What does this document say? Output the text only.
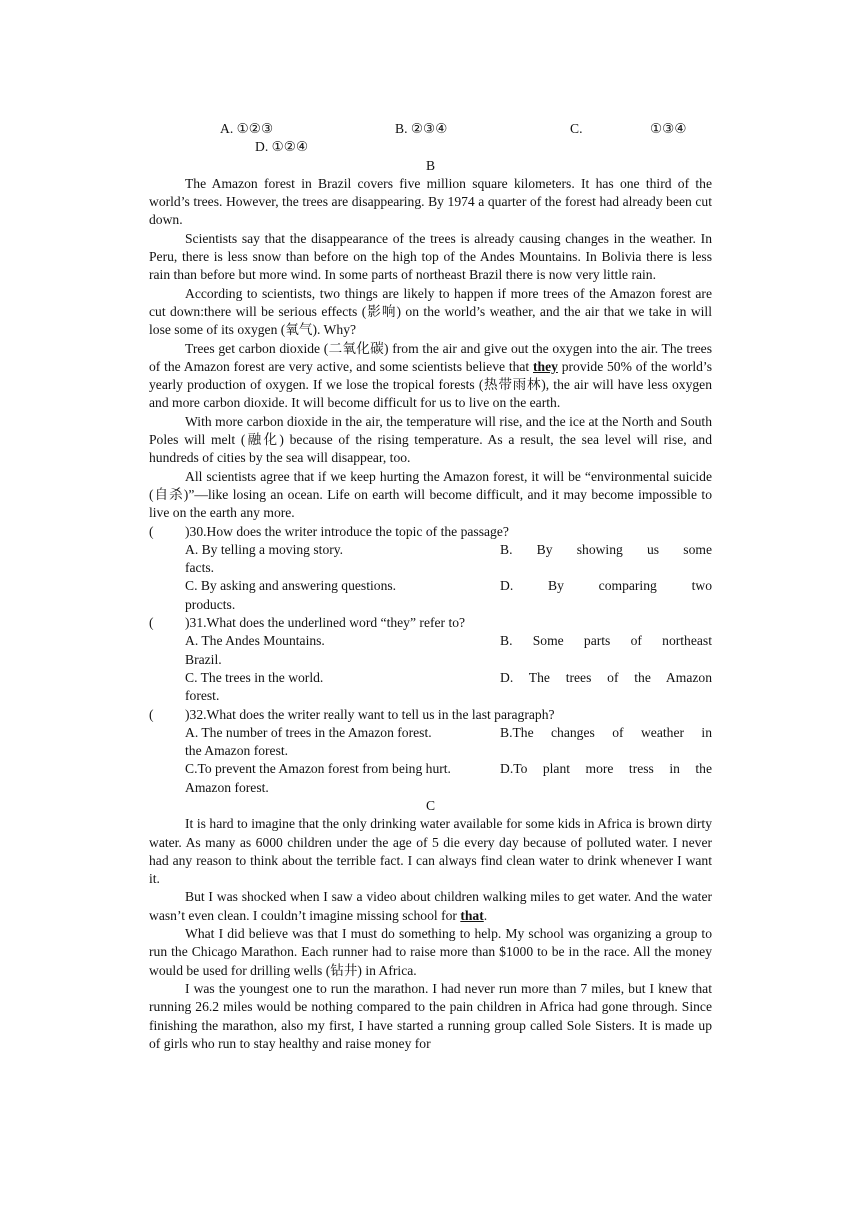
A. ①②③	B. ②③④	C.	①③④
D. ①②④
B

The Amazon forest in Brazil covers five million square kilometers. It has one third of the world’s trees. However, the trees are disappearing. By 1974 a quarter of the forest had already been cut down.

Scientists say that the disappearance of the trees is already causing changes in the weather. In Peru, there is less snow than before on the high top of the Andes Mountains. In Bolivia there is less rain than before but more wind. In some parts of northeast Brazil there is now very little rain.

According to scientists, two things are likely to happen if more trees of the Amazon forest are cut down:there will be serious effects (影响) on the world’s weather, and the air that we take in will lose some of its oxygen (氧气). Why?

Trees get carbon dioxide (二氧化碳) from the air and give out the oxygen into the air. The trees of the Amazon forest are very active, and some scientists believe that they provide 50% of the world’s yearly production of oxygen. If we lose the tropical forests (热带雨林), the air will have less oxygen and more carbon dioxide. It will become difficult for us to live on the earth.

With more carbon dioxide in the air, the temperature will rise, and the ice at the North and South Poles will melt (融化) because of the rising temperature. As a result, the sea level will rise, and hundreds of cities by the sea will disappear, too.

All scientists agree that if we keep hurting the Amazon forest, it will be “environmental suicide (自杀)”—like losing an ocean. Life on earth will become difficult, and it may become impossible to live on the earth any more.

( )30.How does the writer introduce the topic of the passage?
A. By telling a moving story.	B. By showing us some
facts.
C. By asking and answering questions.	D. By comparing two
products.
( )31.What does the underlined word “they” refer to?
A. The Andes Mountains.	B. Some parts of northeast
Brazil.
C. The trees in the world.	D. The trees of the Amazon
forest.
( )32.What does the writer really want to tell us in the last paragraph?
A. The number of trees in the Amazon forest.	B.The changes of weather in
the Amazon forest.
C.To prevent the Amazon forest from being hurt.	D.To plant more tress in the
Amazon forest.
C

It is hard to imagine that the only drinking water available for some kids in Africa is brown dirty water. As many as 6000 children under the age of 5 die every day because of polluted water. I never had any reason to think about the terrible fact. I can always find clean water to drink whenever I want it.

But I was shocked when I saw a video about children walking miles to get water. And the water wasn’t even clean. I couldn’t imagine missing school for that.

What I did believe was that I must do something to help. My school was organizing a group to run the Chicago Marathon. Each runner had to raise more than $1000 to be in the race. All the money would be used for drilling wells (钻井) in Africa.

I was the youngest one to run the marathon. I had never run more than 7 miles, but I knew that running 26.2 miles would be nothing compared to the pain children in Africa had gone through. Since finishing the marathon, also my first, I have started a running group called Sole Sisters. It is made up of girls who run to stay healthy and raise money for
